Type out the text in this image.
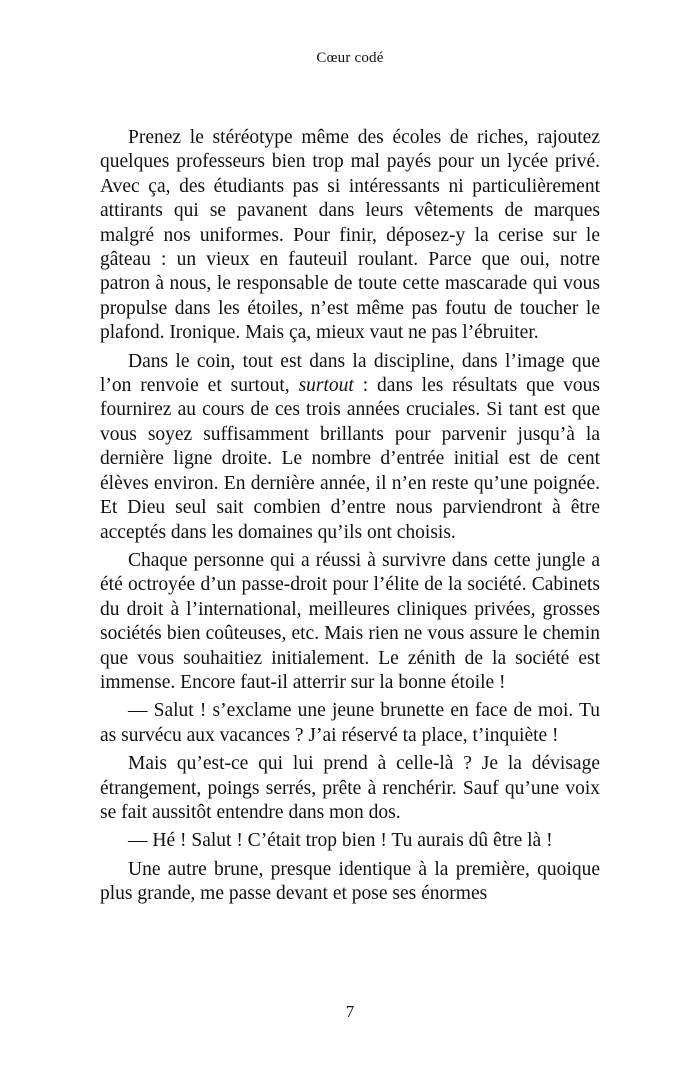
Cœur codé

Prenez le stéréotype même des écoles de riches, rajoutez quelques professeurs bien trop mal payés pour un lycée privé. Avec ça, des étudiants pas si intéressants ni particulièrement attirants qui se pavanent dans leurs vêtements de marques malgré nos uniformes. Pour finir, déposez-y la cerise sur le gâteau : un vieux en fauteuil roulant. Parce que oui, notre patron à nous, le responsable de toute cette mascarade qui vous propulse dans les étoiles, n’est même pas foutu de toucher le plafond. Ironique. Mais ça, mieux vaut ne pas l’ébruiter.

Dans le coin, tout est dans la discipline, dans l’image que l’on renvoie et surtout, surtout : dans les résultats que vous fournirez au cours de ces trois années cruciales. Si tant est que vous soyez suffisamment brillants pour parvenir jusqu’à la dernière ligne droite. Le nombre d’entrée initial est de cent élèves environ. En dernière année, il n’en reste qu’une poignée. Et Dieu seul sait combien d’entre nous parviendront à être acceptés dans les domaines qu’ils ont choisis.

Chaque personne qui a réussi à survivre dans cette jungle a été octroyée d’un passe-droit pour l’élite de la société. Cabinets du droit à l’international, meilleures cliniques privées, grosses sociétés bien coûteuses, etc. Mais rien ne vous assure le chemin que vous souhaitiez initialement. Le zénith de la société est immense. Encore faut-il atterrir sur la bonne étoile !

— Salut ! s’exclame une jeune brunette en face de moi. Tu as survécu aux vacances ? J’ai réservé ta place, t’inquiète !

Mais qu’est-ce qui lui prend à celle-là ? Je la dévisage étrangement, poings serrés, prête à renchérir. Sauf qu’une voix se fait aussitôt entendre dans mon dos.

— Hé ! Salut ! C’était trop bien ! Tu aurais dû être là !

Une autre brune, presque identique à la première, quoique plus grande, me passe devant et pose ses énormes

7
